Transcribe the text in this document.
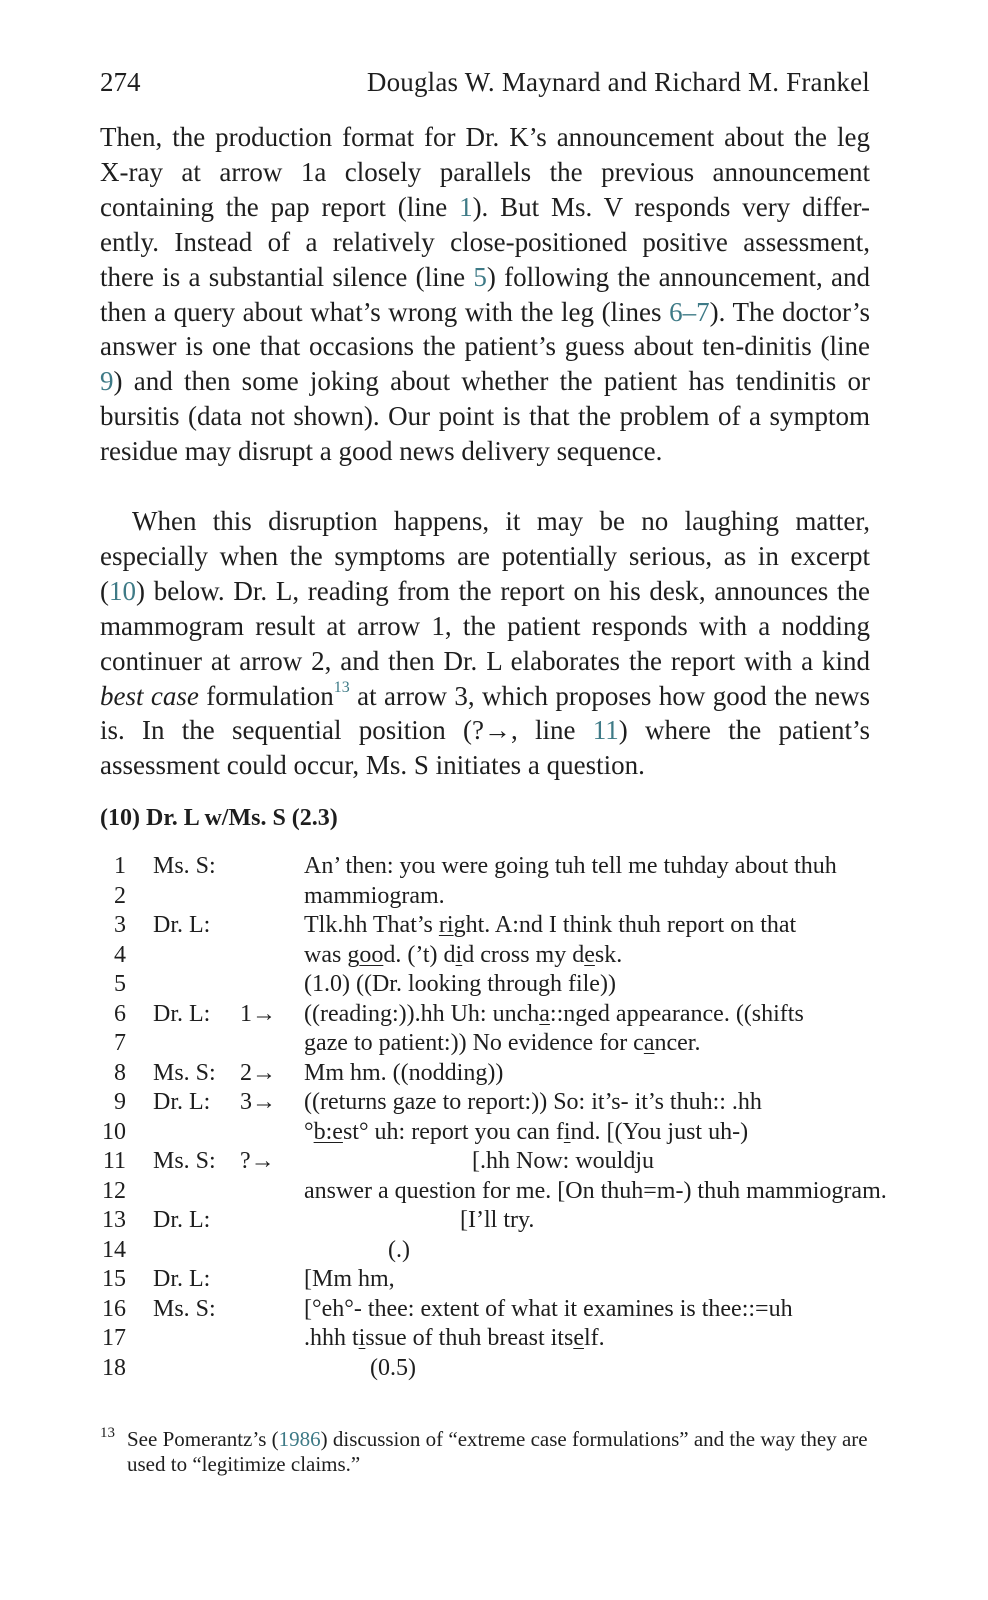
274	Douglas W. Maynard and Richard M. Frankel

Then, the production format for Dr. K’s announcement about the leg X-ray at arrow 1a closely parallels the previous announcement containing the pap report (line 1). But Ms. V responds very differ-ently. Instead of a relatively close-positioned positive assessment, there is a substantial silence (line 5) following the announcement, and then a query about what’s wrong with the leg (lines 6–7). The doctor’s answer is one that occasions the patient’s guess about ten-dinitis (line 9) and then some joking about whether the patient has tendinitis or bursitis (data not shown). Our point is that the problem of a symptom residue may disrupt a good news delivery sequence.

When this disruption happens, it may be no laughing matter, especially when the symptoms are potentially serious, as in excerpt (10) below. Dr. L, reading from the report on his desk, announces the mammogram result at arrow 1, the patient responds with a nodding continuer at arrow 2, and then Dr. L elaborates the report with a kind best case formulation$^{13}$ at arrow 3, which proposes how good the news is. In the sequential position (?→, line 11) where the patient’s assessment could occur, Ms. S initiates a question.

(10) Dr. L w/Ms. S (2.3)
1 Ms. S:	An’ then: you were going tuh tell me tuhday about thuh
2	mammiogram.
3 Dr. L:	Tlk.hh That’s right. A:nd I think thuh report on that
4	was good. (’t) did cross my desk.
5	(1.0) ((Dr. looking through file))
6 Dr. L: 1→ ((reading:)).hh Uh: uncha::nged appearance. ((shifts
7	gaze to patient:)) No evidence for cancer.
8 Ms. S: 2→ Mm hm. ((nodding))
9 Dr. L: 3→ ((returns gaze to report:)) So: it’s- it’s thuh:: .hh
10	°b:est° uh: report you can find. [(You just uh-)
11 Ms. S: ?→ [.hh Now: wouldju
12	answer a question for me. [On thuh=m-) thuh mammiogram.
13 Dr. L:	[I’ll try.
14	(.)
15 Dr. L:	[Mm hm,
16 Ms. S:	[°eh°- thee: extent of what it examines is thee::=uh
17	.hhh tissue of thuh breast itself.
18	(0.5)
13 See Pomerantz’s (1986) discussion of “extreme case formulations” and the way they are used to “legitimize claims.”
